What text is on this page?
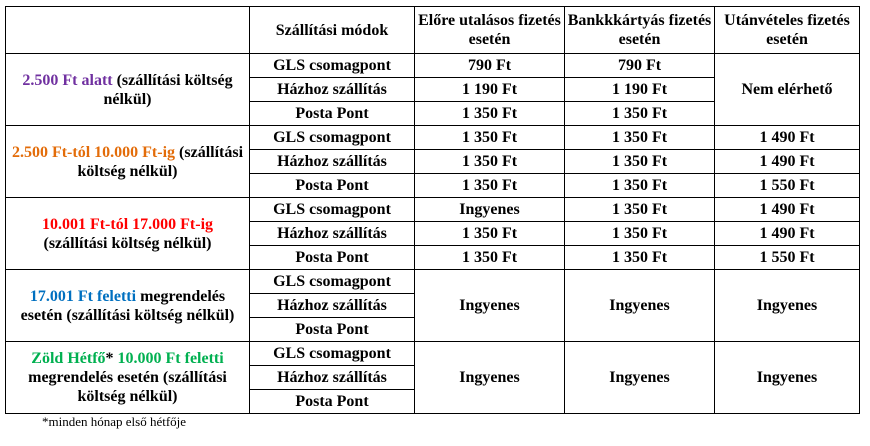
	Szállítási módok	Előre utalásos fizetés esetén	Bankkkártyás fizetés esetén	Utánvételes fizetés esetén
2.500 Ft alatt (szállítási költség nélkül)	GLS csomagpont	790 Ft	790 Ft	Nem elérhető
	Házhoz szállítás	1 190 Ft	1 190 Ft	
	Posta Pont	1 350 Ft	1 350 Ft	
2.500 Ft-tól 10.000 Ft-ig (szállítási költség nélkül)	GLS csomagpont	1 350 Ft	1 350 Ft	1 490 Ft
	Házhoz szállítás	1 350 Ft	1 350 Ft	1 490 Ft
	Posta Pont	1 350 Ft	1 350 Ft	1 550 Ft
10.001 Ft-tól 17.000 Ft-ig (szállítási költség nélkül)	GLS csomagpont	Ingyenes	1 350 Ft	1 490 Ft
	Házhoz szállítás	1 350 Ft	1 350 Ft	1 490 Ft
	Posta Pont	1 350 Ft	1 350 Ft	1 550 Ft
17.001 Ft feletti megrendelés esetén (szállítási költség nélkül)	GLS csomagpont	Ingyenes	Ingyenes	Ingyenes
	Házhoz szállítás			
	Posta Pont			
Zöld Hétfő* 10.000 Ft feletti megrendelés esetén (szállítási költség nélkül)	GLS csomagpont	Ingyenes	Ingyenes	Ingyenes
	Házhoz szállítás			
	Posta Pont			
*minden hónap első hétfője
